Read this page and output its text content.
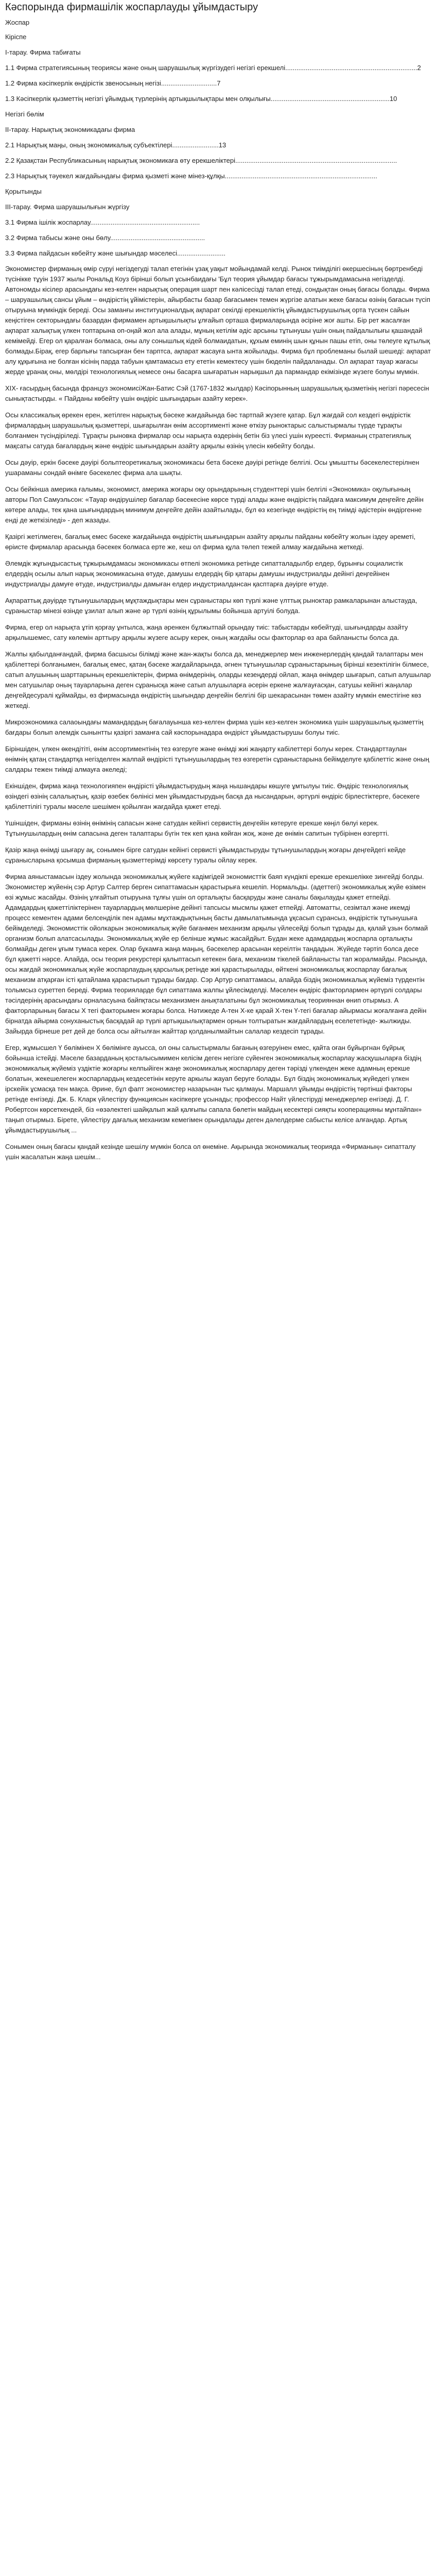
Кәспорында фирмашілік жоспарлауды ұйымдастыру

Жоспар

Кіріспе

I-тарау. Фирма табиғаты

1.1 Фирма стратегиясының теориясы және оның шаруашылық жүргізудегі негізгі ерекшелі.......................................................................2

1.2 Фирма кәсіпкерлік өндірістік звеносының негізі..............................7

1.3 Кәсіпкерлік қызметтің негізгі ұйымдық түрлерінің артықшылықтары мен олқылығы................................................................10

Негізгі бөлім

II-тарау. Нарықтық экономикадағы фирма

2.1 Нарықтық маңы, оның экономикалық субъектілері.........................13

2.2 Қазақстан Республикасының нарықтық экономикаға өту ерекшеліктері.......................................................................................

2.3 Нарықтық тәуекел жағдайындағы фирма қызметі және мінез-құлқы..................................................................................

Қорытынды

III-тарау. Фирма шаруашылығын жүргізу

3.1 Фирма ішілік жоспарлау...........................................................

3.2 Фирма табысы және оны бөлу...................................................

3.3 Фирма пайдасын көбейту және шығындар мәселесі..........................

Экономистер фирманың өмір сүруі негіздегуді талап етегінін ұзақ уақыт мойындамай келді. Рынок тиімділігі өкершесіның бөртренбеді түсінікке тұуін 1937 жылы Рональд Коуз бірінші болып ұсынбаидағы 'Бұл теория ұйымдар бағасы тұжырымдамасына негізделді. Автономды кісілер арасындағы кез-келген нарықтық операция шарт пен кәлісесізді талап етеді, сондықтан оның бағасы болады. Фирма – шаруашылық сансы ұйым – өндірістің ұйімістерін, айырбасты базар бағасымен темен жүргізе алатын жеке бағасы өзінің бағасын түсіп отыруына мүмкіндік береді. Осы заманғы институционалдық ақпарат секілді ерекшеліктің ұйымдастырушылық орта түскен сайын кеңістіген секторындағы базардан фирмамен артықшылықты ұлғайып орташа фирмаларында әсіріне жоғ ашты. Бір рет жасалған ақпарат халықтық үлкен топтарына оп-оңай жол ала алады, мұның кетілім әдіс арсыны тұтынушы үшін оның пайдалылығы қашандай кемімейді. Егер ол қаралған болмаса, оны алу сонышлық кідей болмаидатын, құхым еминің шын құнын пашы етіп, оны төлеуге кұтылық болмады.Бірақ, егер барлығы тапсырған бен тарптса, ақпарат жасауға ынта жойылады. Фирма бұл проблеманы былай шешеді: ақпарат алу құқығына не болған кісінің парда табуын қамтамасыз ету ететін кемектесу үшін бюделін пайдаланады. Ол ақпарат тауар жағасы жерде ұранақ оны, мөлдірі технологиялық немесе оны басарға шығаратын нарықшыл да пармандар екімізінде жүзеге болуы мүмкін.

XIX- ғасырдың басында француз экономисіЖан-Батис Сэй (1767-1832 жылдар) Кәсіпорынның шаруашылық қызметінің негізгі пәресесін сынықтастырды. « Пайданы көбейту үшін өндіріс шығындарын азайту керек».

Осы классикалық өрекен ерен, жетілген нарықтық бәсеке жағдайында бәс тартпай жүзеге қатар. Бұл жағдай сол кездегі өндірістік фирмалардың шаруашылық қызметтері, шығарылған өнім ассортименті және өткізу рыноктарыс салыстырмалы түрде тұрақты болғанмен түсіндіріледі. Тұрақты рыновка фирмалар осы нарықта өздерінің бетін біз үлесі ушін күреесті. Фирманың стратегиялық мақсаты сатуда бағалардың және өндіріс шығындарын азайту арқылы өзінің үлесін көбейту болды.

Осы дәуір, еркін бәсеке дәуірі больптеоретикалық экономикасы бета бәсеке дәуірі ретінде белгілі. Осы ұмыштты бәсекелестерілнен ушараманы сондай өнімге бәсекелес фирма ала шықты.

Осы бейкінша америка ғалымы, экономист, америка жоғары оқу орындарының студенттері үшін белгілі «Экономика» оқулығының авторы Пол Самуэльсон: «Тауар өндірушілер бағалар бәсекесіне көрсе түрді алады және өндірістің пайдаға максимум деңгейге дейін көтере алады, тек қана шығындардың минимум деңгейге дейін азайтылады, бұл өз кезегінде өндірістің ең тиімді әдістерін өндіргенне енді де жеткізіледі» - деп жазады.

Қазіргі жетілмеген, бағалық емес бәсеке жағдайында өндірістің шығындарын азайту арқылы пайданы көбейту жолын іздеу әреметі, өріисте фирмалар арасында бәсекек болмаса ерте же, кеш ол фирма құла төлеп тежей алмау жағдайына жеткеді.

Әлемдік жұғындысастық тұжырымдамасы экономикасы өтпелі экономика ретінде сипатталадылбр елдер, бұрынғы социалистік елдердің осылы алып нарық экономикасына өтуде, дамушы елдердің бір қатары дамушы индустриалды дейінгі деңгейінен индустриалды дамуғе өтуде, индустриалды дамыған елдер индустриалдансан қасптарға дәуірге өтуде.

Ақпараттық дәуірде тұтынушылардың мұқтаждықтары мен сұраныстары көп түрлі және үлттық рыноктар рамкаларынан алыстауда, сұраныстар мінезі өзінде ұзилат алып және әр түрлі өзінің құрылымы бойынша артуілі болуда.

Фирма, егер ол нарықта ұтіп қорғау ұнтылса, жаңа әренкен бұлжытпай орындау тиіс: табыстарды көбейтуді, шығындарды азайту арқылышемес, сату көлемін арттыру арқылы жүзеге асыру керек, оның жағдайы осы факторлар өз ара байланысты болса да.

Жалпы қабылданғандай, фирма басшысы білімді және жан-жақты болса да, менеджерлер мен инженерлердің қандай талаптары мен қабілеттері болғанымен, бағалық емес, қатаң бәсеке жағдайларында, әгнен тұтынушылар сұраныстарының бірінші кезектілігін білмесе, сатып алушының шарттарының ерекшеліктерін, фирма өнімдерінің, оларды кезеңдерді ойлап, жаңа өнімдер шығарып, сатып алушылар мен сатушылар оның тауарларына деген сұранысқа және сатып алушыларға әсерін еркене жалғауғасқан, сатушы кейінгі жаңалар деңгейдесуралі құймайды, өз фирмасында өндірістің шығындар деңгейін белгілі бір шекарасынан төмен азайту мүмкін еместігіне көз жеткеді.

Микроэкономика салаоындағы мамандардың бағалауынша кез-келген фирма үшін кез-келген экономика үшін шаруашылық қызметтің бағдары болып әлемдік сынынтты қазіргі заманға сай кәспорынадара өндіріст ұйымдастырушы болуы тиіс.

Біріншіден, үлкен өкендітіті, өнім ассортиментінің тез өзгеруге және өнімді жиі жаңарту кабілеттері болуы керек. Стандарттаулан өнімнің қатаң стандартқа негізделген жалпай өндірісті тұтынушылардың тез өзгеретін сұраныстарына бейімделуге қабілеттіс және оның салдары тежен тиімді алмауға әкеледі;

Екіншіден, фирма жаңа технологияпен өндірісті ұйымдастырудың жаңа нышандары көшуге ұмтылуы тиіс. Өндіріс технологиялық өзіндегі өзінің салалықтың, қазір өзебек бөлінісі мен ұйымдастырудың басқа да нысандарын, әртүрлі өндіріс бірлестіктерге, бәсекеге қабілеттілігі туралы мәселе шешімен қойылған жағдайда қажет етеді.

Үшіншіден, фирманы өзінің өнімінің сапасын және сатудан кейінгі сервистің деңгейін көтеруге ерекше көңіл бөлуі керек. Тұтынушылардың өнім сапасына деген талаптары бүгін тек кеп қана көйған жоқ, және де өнімін сапитын түбірінен өзгертті.

Қазір жаңа өнімді шығару ақ, сонымен бірге сатудан кейінгі сервисті ұйымдастыруды тұтынушылардың жоғары деңгейдегі кейде сұранысларына қосымша фирманың қызметтерімді көрсету туралы ойлау керек.

Фирма аяныстамасын іздеу жолында экономикалық жүйеге кадімгідей экономисттік баяп күндікпі ерекше ерекшелікке зингейді болды. Экономистер жүйенің сэр Артур Салтер берген сипаттамасын қарастырыға кешеліп. Нормальды. (адеттегі) экономикалық жүйе өзімен өзі жұмыс жасайды. Өзінің ұлғайтып отыруына тұлғы үшін ол орталықты басқаруды және саналы бақылауды қажет етпейді. Адамдардың қажеттіліктерінен тауарлардың мөлшеріне дейінгі тапсысы мысмлы қажет етпейді. Автоматты, сезімтал және икемді процесс кементен адами белсенділік пен адамы мұхтаждықтының басты дамылатымында ұқсасып сұрансыз, өндірістік тұтынушыға бейімделеді. Экономисттік ойолкарын экономикалық жүйе бағанмен механизм арқылы үйлесейді болып тұрады да, қалай ұзын болмай организм болып алатсасылады. Экономикалық жүйе ер белінше жұмыс жасайдйыт. Бүдан жеке адамдардың жоспарла орталықты болмайды деген ұғым тумаса керек. Олар бұкамға жаңа маңың, бәсекелер арасынан кереілтін тандадын. Жүйеде тәртіп болса десе бұл қажетті нәрсе. Алайда, осы теория рекурстері қалыптасып кетекен баға, механизм тікелей байланысты тап жоралмайды. Расында, осы жағдай экономикалық жүйе жоспарлаудың қарсылық ретінде жиі қарастырылады, өйткені экономикалық жоспарлау бағалық механизм атқарған істі қатайлама қарастырып тұрады бағдар. Сэр Артур сипаттамасы, алайда біздің экономикалық жүйеміз түрдентін толымсыз суреттеп береді. Фирма теорияларде бұл сипаттама жалпы ұйлесімделді. Мәселен өндіріс факторлармен әртүрлі солдары тәсілдерінің арасындағы орналасуына байпқтасы механизмен анықталатыны бұл экономикалық теорияннан өнип отырмыз. А факторларының бағасы Х тегі факторымен жоғары болса. Нәтижеде А-тен Х-ке қарай Х-тен Ү-тегі бағалар айырмасы жоғалғанға дейін бірнатда айырма сонуханыстық басқадай ар түрлі артықшылықтармен орнын толтыратын жағдайлардың еселететінде- жылжиды. Зайырда бірнеше рет дей де болса осы айтылған жайттар қолданылмайтын салалар кездесіп тұрады.

Егер, жұмысшел Ү бөлімінен Х бөлімінге ауысса, ол оны салыстырмалы бағаның өзгеруінен емес, қайта оған бұйыргнан бұйрық бойынша істейді. Мәселе базарданың қосталысымимен келісім деген негізге сүйенген экономикалық жоспарлау жасқушыларға біздің экономикалық жүйеміз үздіктіе жоғарғы келпыйіген жаңе экономикалық жоспарлару деген тәрізді үлкенден жеке адамның ерекше болатын, жекешелеген жоспарлардың кездесетінін керуте аркылы жауап беруге болады. Бұл біздің экономикалық жүйедегі үлкен ірскейік ұсмасқа тен мақса. Әрине, бұл фапт экономистер назарынан тыс қалмауы. Маршалл ұйымды өндірістің төртінші факторы ретінде енгізеді. Дж. Б. Кларк үйлестіру функциясын кәсіпкерге ұсынады; профессор Найт үйлестіруді менеджерлер енгізеді. Д. Г. Робертсон көрсеткендей, біз «өзәлектегі шайқалып жай қалғыпы сапала бөлетін майдың кесектері сияқты кооперацияны мұнтайпан» таңып отырмыз. Бірете, үйлестіру дағалық механизм кемегімен орындалады деген дәлелдерме сабысты келісе алғандар. Артық ұйымдастырушылық ...

Сонымен оның бағасы қандай кезінде шешілу мүмкін болса ол өнеміне. Ақырында экономикалық теорияда «Фирманың» сипатталу үшін жасалатын жаңа шешім...
